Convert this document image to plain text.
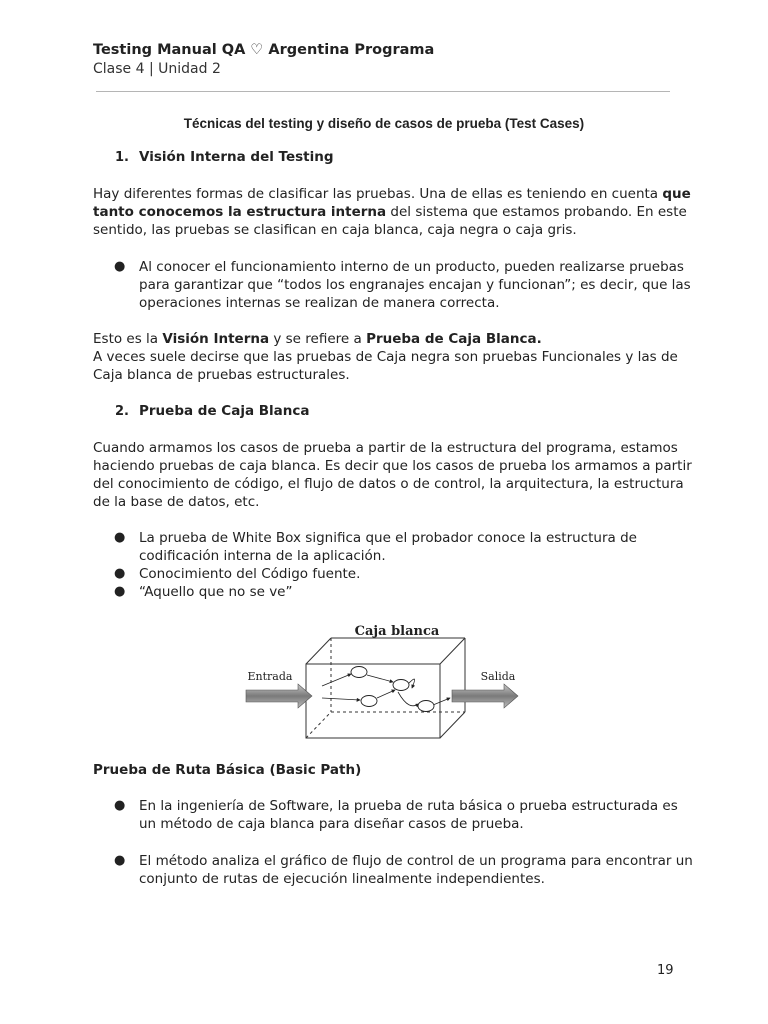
Testing Manual QA ♡ Argentina Programa
Clase 4 | Unidad 2
Técnicas del testing y diseño de casos de prueba (Test Cases)
1. Visión Interna del Testing

Hay diferentes formas de clasificar las pruebas. Una de ellas es teniendo en cuenta que
tanto conocemos la estructura interna del sistema que estamos probando. En este
sentido, las pruebas se clasifican en caja blanca, caja negra o caja gris.

● Al conocer el funcionamiento interno de un producto, pueden realizarse pruebas
para garantizar que “todos los engranajes encajan y funcionan”; es decir, que las
operaciones internas se realizan de manera correcta.

Esto es la Visión Interna y se refiere a Prueba de Caja Blanca.
A veces suele decirse que las pruebas de Caja negra son pruebas Funcionales y las de
Caja blanca de pruebas estructurales.

2. Prueba de Caja Blanca

Cuando armamos los casos de prueba a partir de la estructura del programa, estamos
haciendo pruebas de caja blanca. Es decir que los casos de prueba los armamos a partir
del conocimiento de código, el flujo de datos o de control, la arquitectura, la estructura
de la base de datos, etc.

● La prueba de White Box significa que el probador conoce la estructura de
codificación interna de la aplicación.

● Conocimiento del Código fuente.

● “Aquello que no se ve”

Caja blanca
Entrada	Salida
Prueba de Ruta Básica (Basic Path)
● En la ingeniería de Software, la prueba de ruta básica o prueba estructurada es
un método de caja blanca para diseñar casos de prueba.

● El método analiza el gráfico de flujo de control de un programa para encontrar un
conjunto de rutas de ejecución linealmente independientes.

19
